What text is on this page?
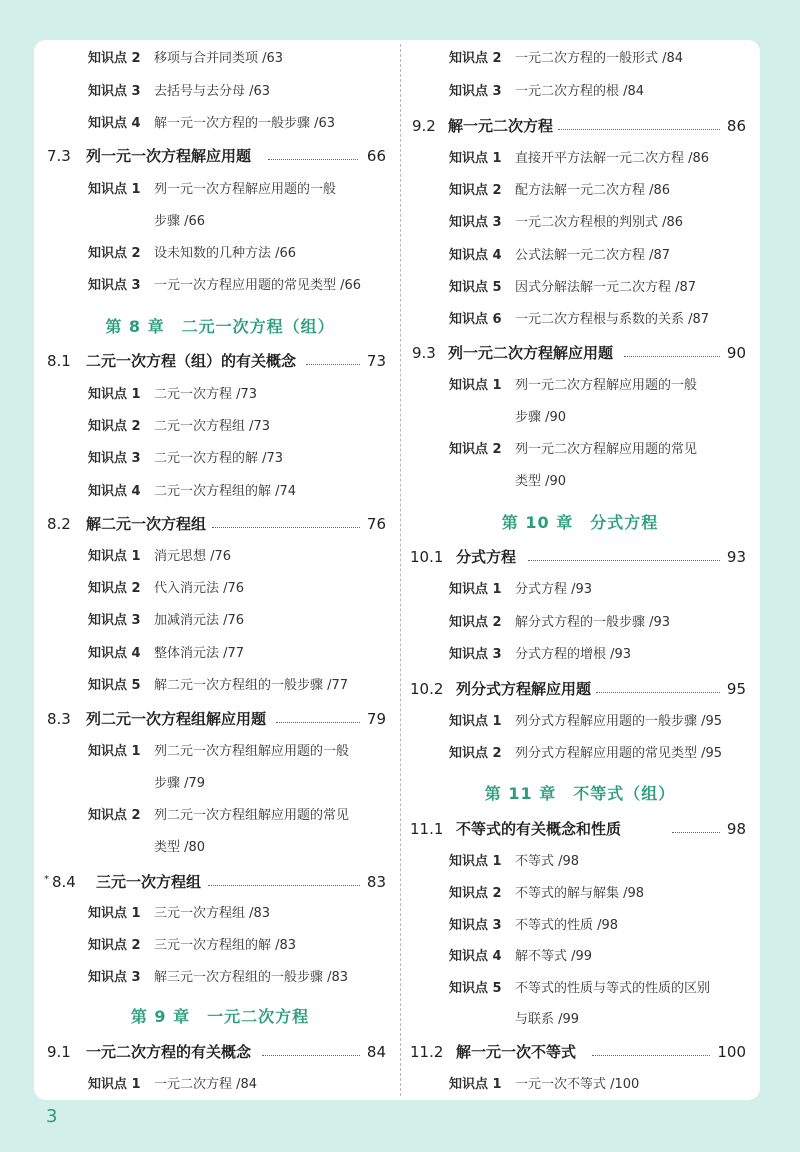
知识点 2 移项与合并同类项 /63
知识点 3 去括号与去分母 /63
知识点 4 解一元一次方程的一般步骤 /63
7.3 列一元一次方程解应用题	66
知识点 1 列一元一次方程解应用题的一般
步骤 /66
知识点 2 设未知数的几种方法 /66
知识点 3 一元一次方程应用题的常见类型 /66
第 8 章　二元一次方程（组）
8.1 二元一次方程（组）的有关概念	73
知识点 1 二元一次方程 /73
知识点 2 二元一次方程组 /73
知识点 3 二元一次方程的解 /73
知识点 4 二元一次方程组的解 /74
8.2 解二元一次方程组	76
知识点 1 消元思想 /76
知识点 2 代入消元法 /76
知识点 3 加减消元法 /76
知识点 4 整体消元法 /77
知识点 5 解二元一次方程组的一般步骤 /77
8.3 列二元一次方程组解应用题	79
知识点 1 列二元一次方程组解应用题的一般
步骤 /79
知识点 2 列二元一次方程组解应用题的常见
类型 /80
* 8.4 三元一次方程组	83
知识点 1 三元一次方程组 /83
知识点 2 三元一次方程组的解 /83
知识点 3 解三元一次方程组的一般步骤 /83
第 9 章　一元二次方程
9.1 一元二次方程的有关概念	84
知识点 1 一元二次方程 /84
知识点 2 一元二次方程的一般形式 /84
知识点 3 一元二次方程的根 /84
9.2 解一元二次方程	86
知识点 1 直接开平方法解一元二次方程 /86
知识点 2 配方法解一元二次方程 /86
知识点 3 一元二次方程根的判别式 /86
知识点 4 公式法解一元二次方程 /87
知识点 5 因式分解法解一元二次方程 /87
知识点 6 一元二次方程根与系数的关系 /87
9.3 列一元二次方程解应用题	90
知识点 1 列一元二次方程解应用题的一般
步骤 /90
知识点 2 列一元二次方程解应用题的常见
类型 /90
第 10 章　分式方程
10.1 分式方程	93
知识点 1 分式方程 /93
知识点 2 解分式方程的一般步骤 /93
知识点 3 分式方程的增根 /93
10.2 列分式方程解应用题	95
知识点 1 列分式方程解应用题的一般步骤 /95
知识点 2 列分式方程解应用题的常见类型 /95
第 11 章　不等式（组）
11.1 不等式的有关概念和性质	98
知识点 1 不等式 /98
知识点 2 不等式的解与解集 /98
知识点 3 不等式的性质 /98
知识点 4 解不等式 /99
知识点 5 不等式的性质与等式的性质的区别
与联系 /99
11.2 解一元一次不等式	100
知识点 1 一元一次不等式 /100
3
